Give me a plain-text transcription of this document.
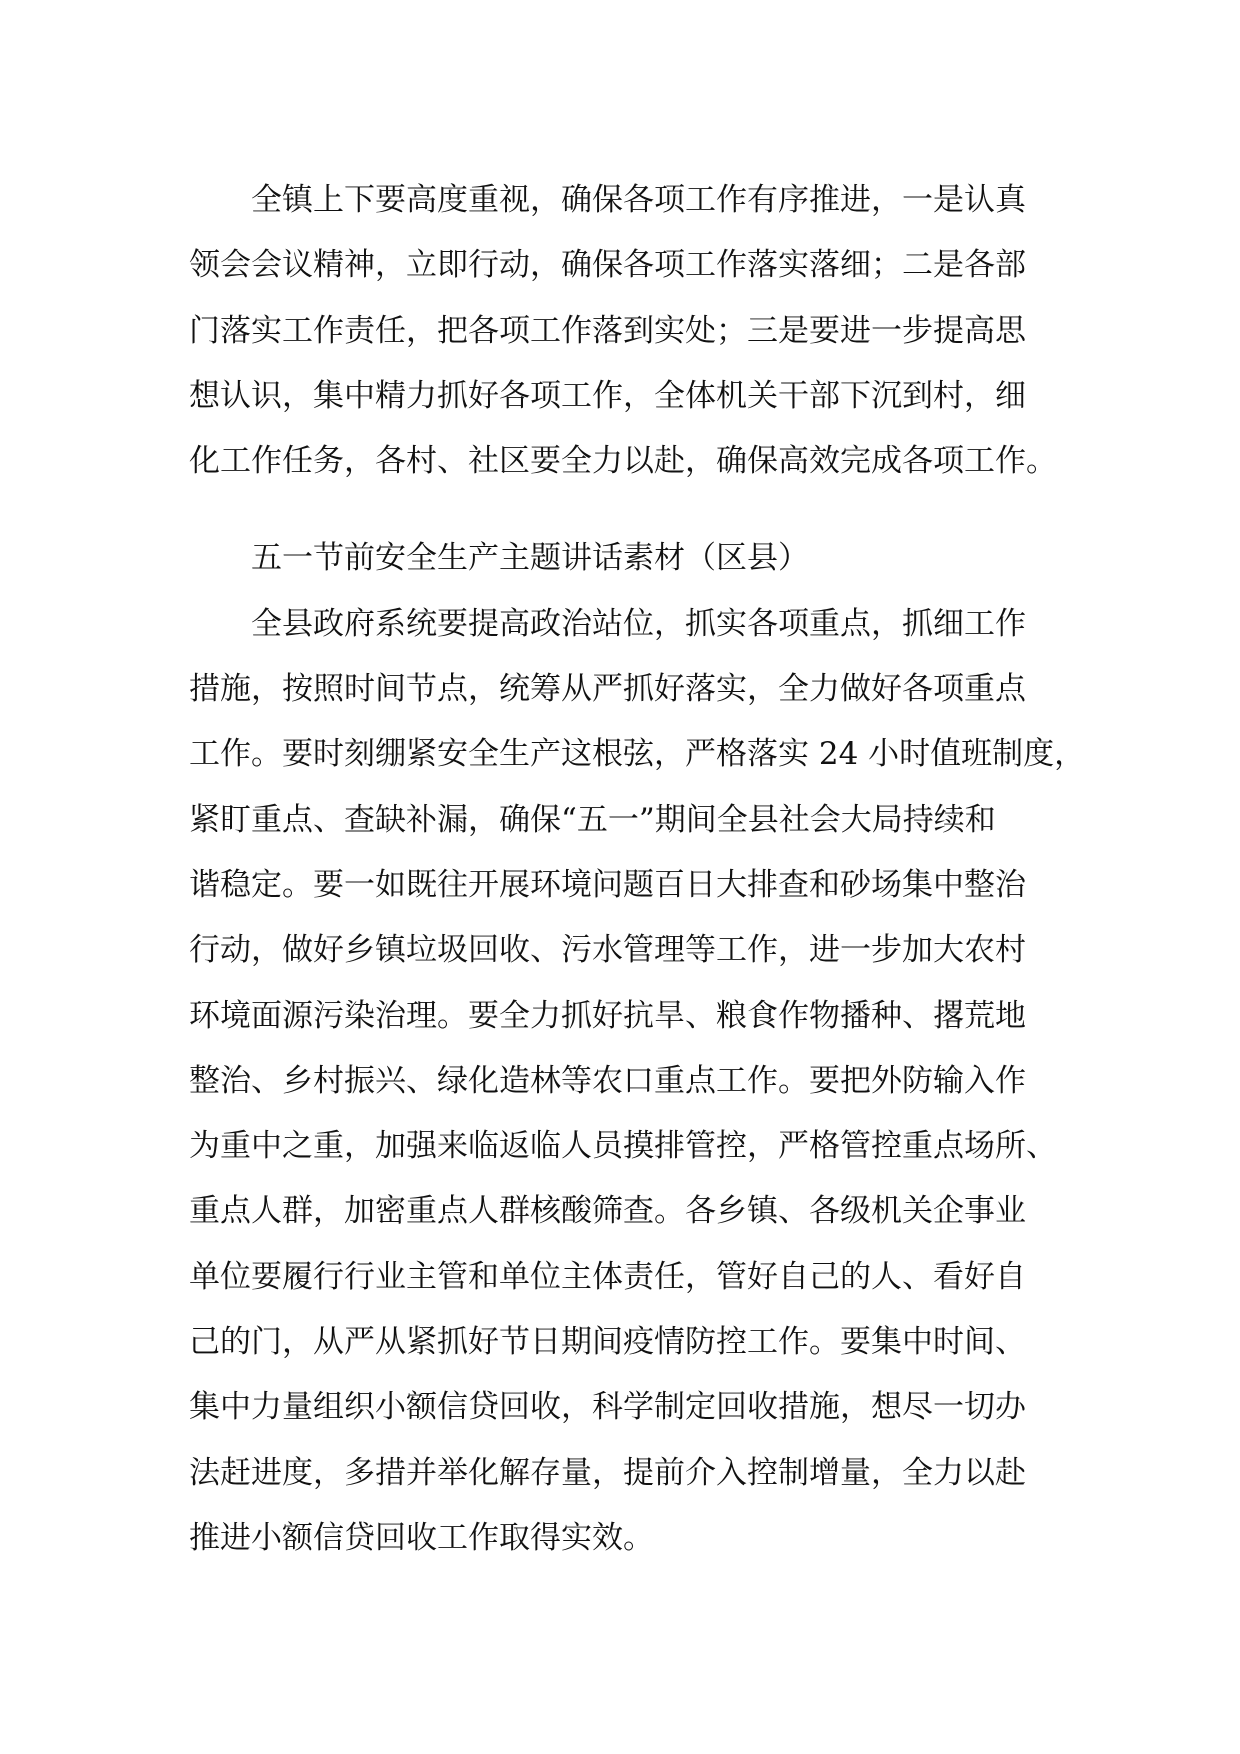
全镇上下要高度重视，确保各项工作有序推进，一是认真
领会会议精神，立即行动，确保各项工作落实落细；二是各部
门落实工作责任，把各项工作落到实处；三是要进一步提高思
想认识，集中精力抓好各项工作，全体机关干部下沉到村，细
化工作任务，各村、社区要全力以赴，确保高效完成各项工作。
五一节前安全生产主题讲话素材（区县）
全县政府系统要提高政治站位，抓实各项重点，抓细工作
措施，按照时间节点，统筹从严抓好落实，全力做好各项重点
工作。要时刻绷紧安全生产这根弦，严格落实 24 小时值班制度，
紧盯重点、查缺补漏，确保“五一”期间全县社会大局持续和
谐稳定。要一如既往开展环境问题百日大排查和砂场集中整治
行动，做好乡镇垃圾回收、污水管理等工作，进一步加大农村
环境面源污染治理。要全力抓好抗旱、粮食作物播种、撂荒地
整治、乡村振兴、绿化造林等农口重点工作。要把外防输入作
为重中之重，加强来临返临人员摸排管控，严格管控重点场所、
重点人群，加密重点人群核酸筛查。各乡镇、各级机关企事业
单位要履行行业主管和单位主体责任，管好自己的人、看好自
己的门，从严从紧抓好节日期间疫情防控工作。要集中时间、
集中力量组织小额信贷回收，科学制定回收措施，想尽一切办
法赶进度，多措并举化解存量，提前介入控制增量，全力以赴
推进小额信贷回收工作取得实效。
